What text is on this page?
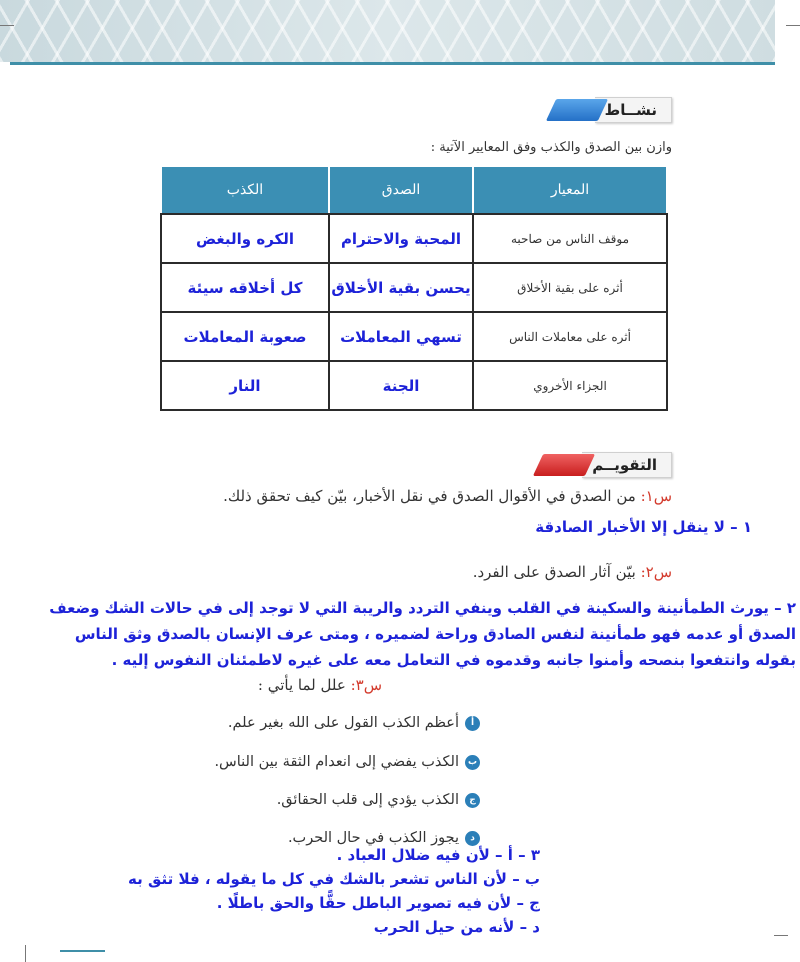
نشــاط
وازن بين الصدق والكذب وفق المعايير الآتية :
المعيار	الصدق	الكذب
موقف الناس من صاحبه	المحبة والاحترام	الكره والبغض
أثره على بقية الأخلاق	يحسن بقية الأخلاق	كل أخلاقه سيئة
أثره على معاملات الناس	تسهي المعاملات	صعوبة المعاملات
الجزاء الأخروي	الجنة	النار
التقويــم
س١: من الصدق في الأقوال الصدق في نقل الأخبار، بيّن كيف تحقق ذلك.
١ – لا ينقل إلا الأخبار الصادقة
س٢: بيّن آثار الصدق على الفرد.
٢ – يورث الطمأنينة والسكينة في القلب وينفي التردد والريبة التي لا توجد إلى في حالات الشك وضعف
الصدق أو عدمه فهو طمأنينة لنفس الصادق وراحة لضميره ، ومتى عرف الإنسان بالصدق وثق الناس
بقوله وانتفعوا بنصحه وأمنوا جانبه وقدموه في التعامل معه على غيره لاطمئنان النفوس إليه .
س٣: علل لما يأتي :
أ
أعظم الكذب القول على الله بغير علم.
ب
الكذب يفضي إلى انعدام الثقة بين الناس.
ج
الكذب يؤدي إلى قلب الحقائق.
د
يجوز الكذب في حال الحرب.
٣ – أ – لأن فيه ضلال العباد .
ب – لأن الناس تشعر بالشك في كل ما يقوله ، فلا تثق به
ج – لأن فيه تصوير الباطل حقًّا والحق باطلًا .
د – لأنه من حيل الحرب
